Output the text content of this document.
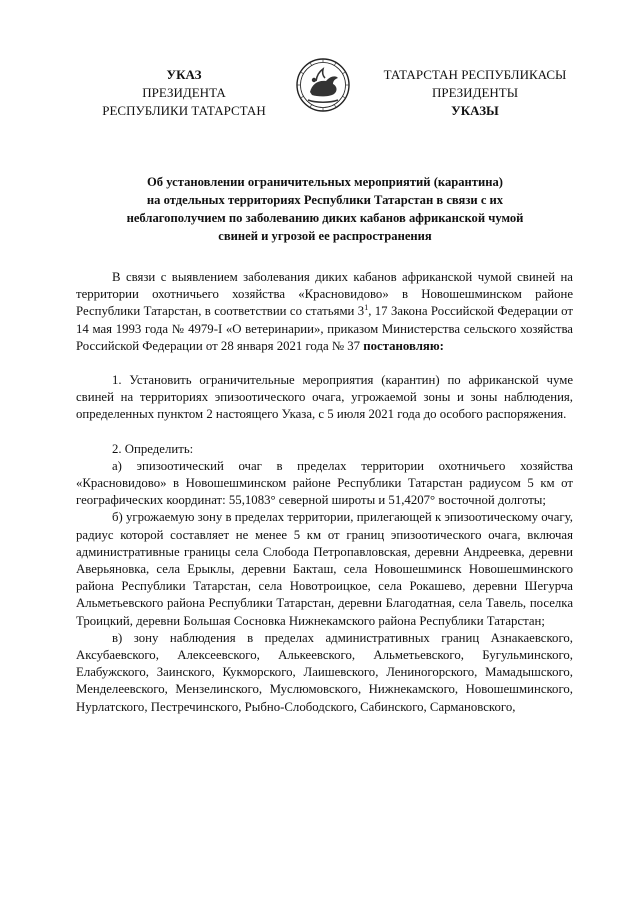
УКАЗ
ПРЕЗИДЕНТА
РЕСПУБЛИКИ ТАТАРСТАН
ТАТАРСТАН РЕСПУБЛИКАСЫ
ПРЕЗИДЕНТЫ
УКАЗЫ
Об установлении ограничительных мероприятий (карантина)
на отдельных территориях Республики Татарстан в связи с их
неблагополучием по заболеванию диких кабанов африканской чумой
свиней и угрозой ее распространения

В связи с выявлением заболевания диких кабанов африканской чумой свиней на территории охотничьего хозяйства «Красновидово» в Новошешминском районе Республики Татарстан, в соответствии со статьями $3^1$, 17 Закона Российской Федерации от 14 мая 1993 года № 4979-I «О ветеринарии», приказом Министерства сельского хозяйства Российской Федерации от 28 января 2021 года № 37 постановляю:

1. Установить ограничительные мероприятия (карантин) по африканской чуме свиней на территориях эпизоотического очага, угрожаемой зоны и зоны наблюдения, определенных пунктом 2 настоящего Указа, с 5 июля 2021 года до особого распоряжения.

2. Определить:

а) эпизоотический очаг в пределах территории охотничьего хозяйства «Красновидово» в Новошешминском районе Республики Татарстан радиусом 5 км от географических координат: 55,1083° северной широты и 51,4207° восточной долготы;

б) угрожаемую зону в пределах территории, прилегающей к эпизоотическому очагу, радиус которой составляет не менее 5 км от границ эпизоотического очага, включая административные границы села Слобода Петропавловская, деревни Андреевка, деревни Аверьяновка, села Ерыклы, деревни Бакташ, села Новошешминск Новошешминского района Республики Татарстан, села Новотроицкое, села Рокашево, деревни Шегурча Альметьевского района Республики Татарстан, деревни Благодатная, села Тавель, поселка Троицкий, деревни Большая Сосновка Нижнекамского района Республики Татарстан;

в) зону наблюдения в пределах административных границ Азнакаевского, Аксубаевского, Алексеевского, Алькеевского, Альметьевского, Бугульминского, Елабужского, Заинского, Кукморского, Лаишевского, Лениногорского, Мамадышского, Менделеевского, Мензелинского, Муслюмовского, Нижнекамского, Новошешминского, Нурлатского, Пестречинского, Рыбно-Слободского, Сабинского, Сармановского,
